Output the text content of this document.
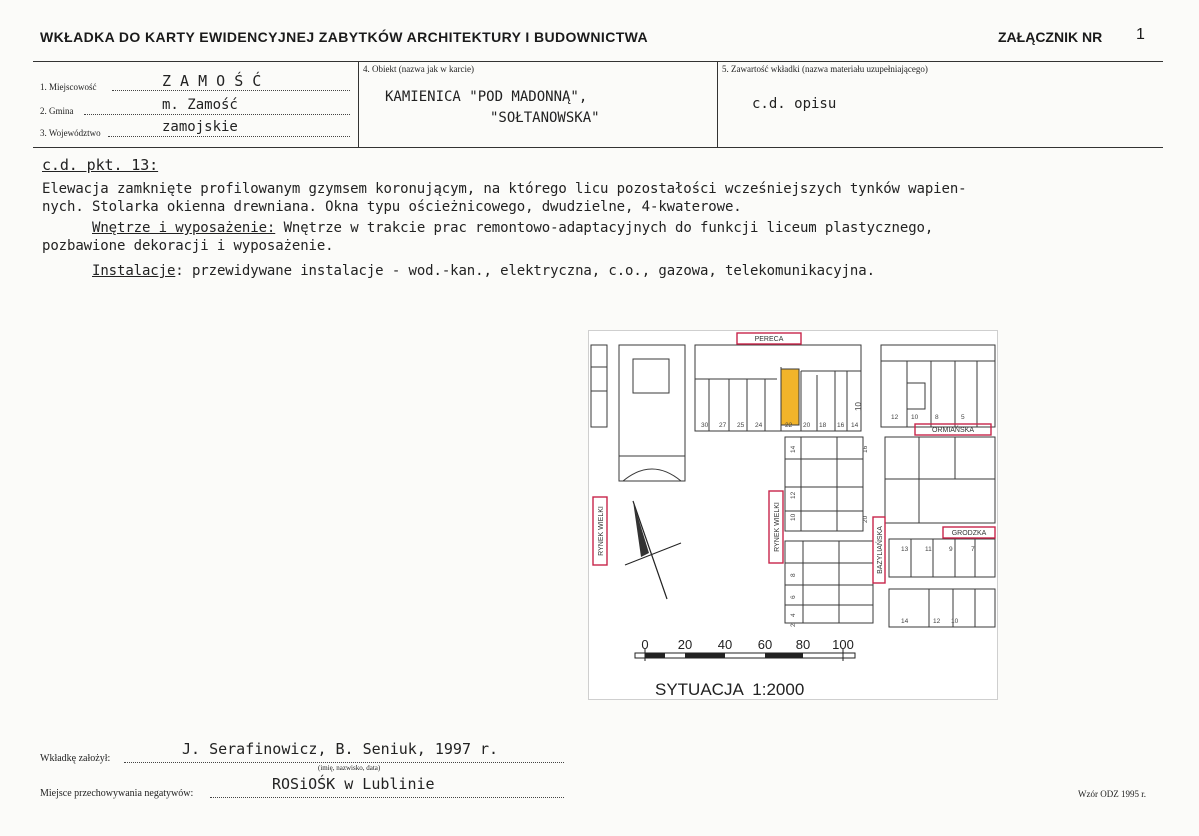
WKŁADKA DO KARTY EWIDENCYJNEJ ZABYTKÓW ARCHITEKTURY I BUDOWNICTWA	ZAŁĄCZNIK NR 1
1. Miejscowość	Z A M O Ś Ć
2. Gmina	m. Zamość
3. Województwo	zamojskie
4. Obiekt (nazwa jak w karcie)
KAMIENICA "POD MADONNĄ",
"SOŁTANOWSKA"
5. Zawartość wkładki (nazwa materiału uzupełniającego)
c.d. opisu
c.d. pkt. 13:
Elewacja zamknięte profilowanym gzymsem koronującym, na którego licu pozostałości wcześniejszych tynków wapien-
nych. Stolarka okienna drewniana. Okna typu ościeżnicowego, dwudzielne, 4-kwaterowe.
Wnętrze i wyposażenie: Wnętrze w trakcie prac remontowo-adaptacyjnych do funkcji liceum plastycznego,
pozbawione dekoracji i wyposażenie.
Instalacje: przewidywane instalacje - wod.-kan., elektryczna, c.o., gazowa, telekomunikacyjna.
PERECA
ORMIAŃSKA
GRODZKA
RYNEK WIELKI	RYNEK WIELKI	BAZYLIAŃSKA
30 27 25 24	22 20 18 16 14
10
12 10	8	5
13	11	9	7
14	12 10
14	16
12
10	20
8
6
4
2
0 20 40 60 80 100
SYTUACJA  1:2000
Wkładkę założył:
J. Serafinowicz, B. Seniuk, 1997 r.
(imię, nazwisko, data)
Miejsce przechowywania negatywów:
ROSiOŚK w Lublinie
Wzór ODZ 1995 r.
